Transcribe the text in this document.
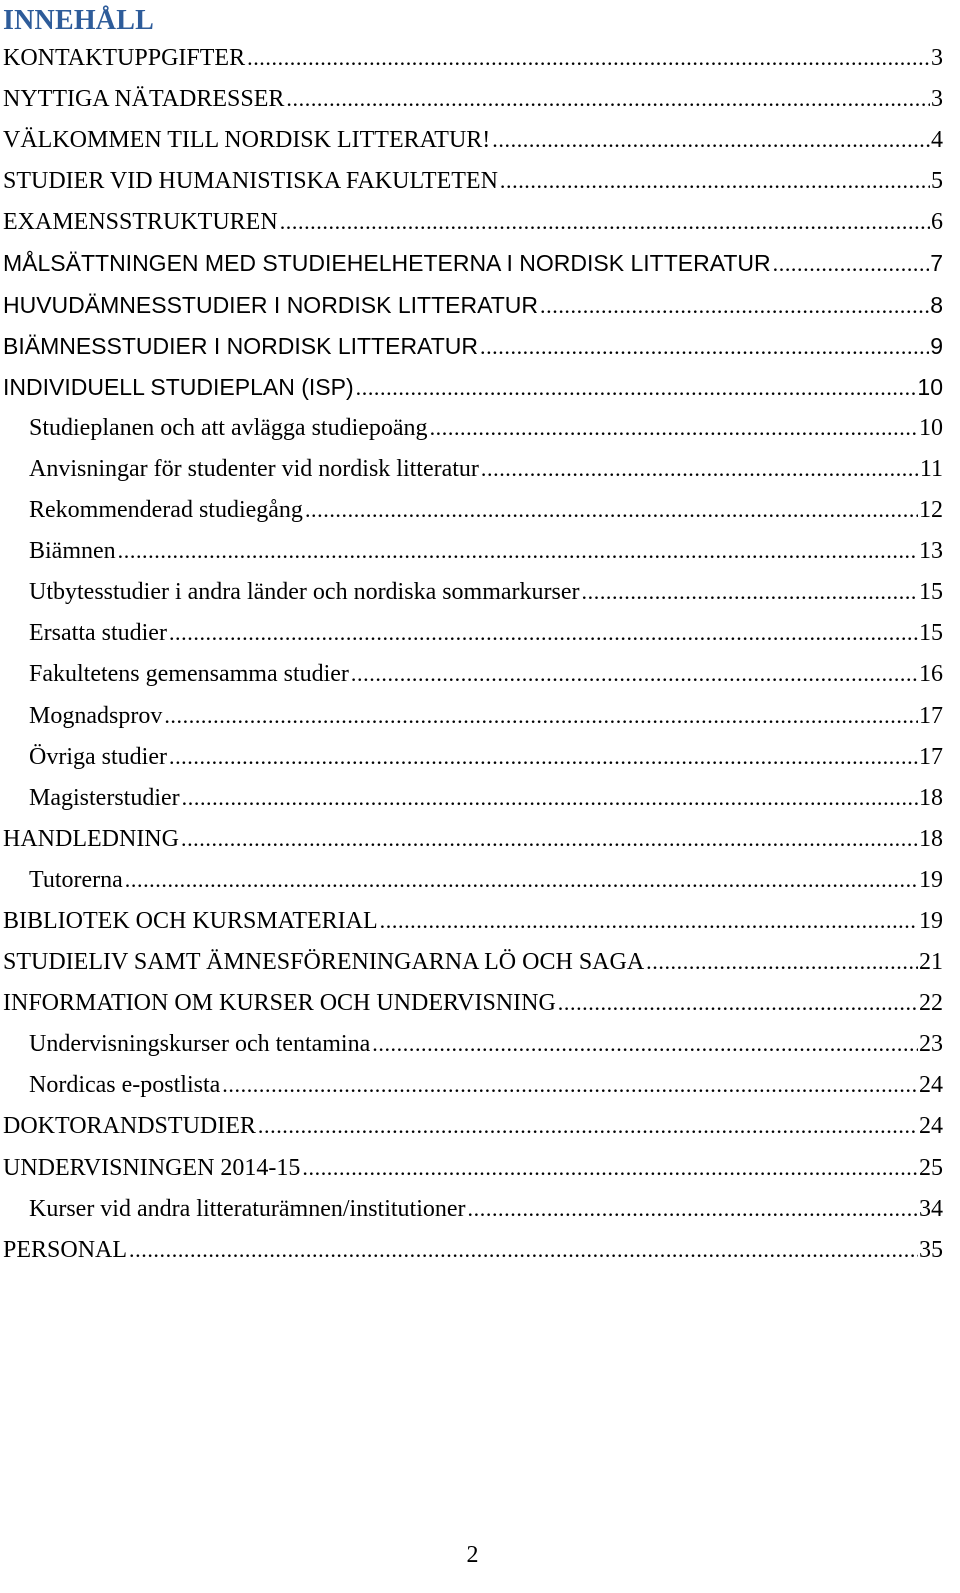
INNEHÅLL
KONTAKTUPPGIFTER .....	3
NYTTIGA NÄTADRESSER .....	3
VÄLKOMMEN TILL NORDISK LITTERATUR! .....	4
STUDIER VID HUMANISTISKA FAKULTETEN .....	5
EXAMENSSTRUKTUREN .....	6
MÅLSÄTTNINGEN MED STUDIEHELHETERNA I NORDISK LITTERATUR .....	7
HUVUDÄMNESSTUDIER I NORDISK LITTERATUR .....	8
BIÄMNESSTUDIER I NORDISK LITTERATUR .....	9
INDIVIDUELL STUDIEPLAN (ISP) .....	10
Studieplanen och att avlägga studiepoäng .....	10
Anvisningar för studenter vid nordisk litteratur .....	11
Rekommenderad studiegång .....	12
Biämnen .....	13
Utbytesstudier i andra länder och nordiska sommarkurser .....	15
Ersatta studier .....	15
Fakultetens gemensamma studier .....	16
Mognadsprov .....	17
Övriga studier .....	17
Magisterstudier .....	18
HANDLEDNING .....	18
Tutorerna .....	19
BIBLIOTEK OCH KURSMATERIAL .....	19
STUDIELIV SAMT ÄMNESFÖRENINGARNA LÖ OCH SAGA .....	21
INFORMATION OM KURSER OCH UNDERVISNING .....	22
Undervisningskurser och tentamina .....	23
Nordicas e-postlista .....	24
DOKTORANDSTUDIER .....	24
UNDERVISNINGEN 2014-15 .....	25
Kurser vid andra litteraturämnen/institutioner .....	34
PERSONAL .....	35
2
